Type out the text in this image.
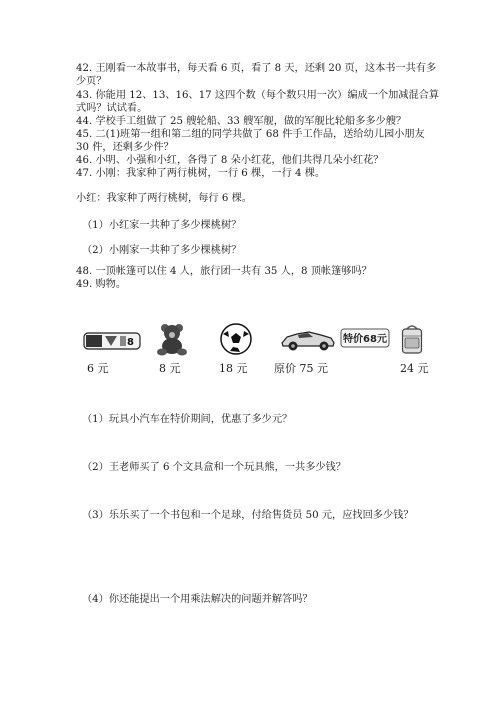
42. 王刚看一本故事书，每天看 6 页，看了 8 天，还剩 20 页，这本书一共有多
少页？
43. 你能用 12、13、16、17 这四个数（每个数只用一次）编成一个加减混合算
式吗？试试看。
44. 学校手工组做了 25 艘轮船、33 艘军舰，做的军舰比轮船多多少艘？
45. 二(1)班第一组和第二组的同学共做了 68 件手工作品，送给幼儿园小朋友
30 件，还剩多少件？
46. 小明、小强和小红，各得了 8 朵小红花，他们共得几朵小红花？
47. 小刚：我家种了两行桃树，一行 6 棵，一行 4 棵。
小红：我家种了两行桃树，每行 6 棵。
（1）小红家一共种了多少棵桃树？
（2）小刚家一共种了多少棵桃树？
48. 一顶帐篷可以住 4 人，旅行团一共有 35 人，8 顶帐篷够吗？
49. 购物。
8	特价68元
6 元	8 元	18 元 原价 75 元	24 元
（1）玩具小汽车在特价期间，优惠了多少元？
（2）王老师买了 6 个文具盒和一个玩具熊，一共多少钱？
（3）乐乐买了一个书包和一个足球，付给售货员 50 元，应找回多少钱？
（4）你还能提出一个用乘法解决的问题并解答吗？
